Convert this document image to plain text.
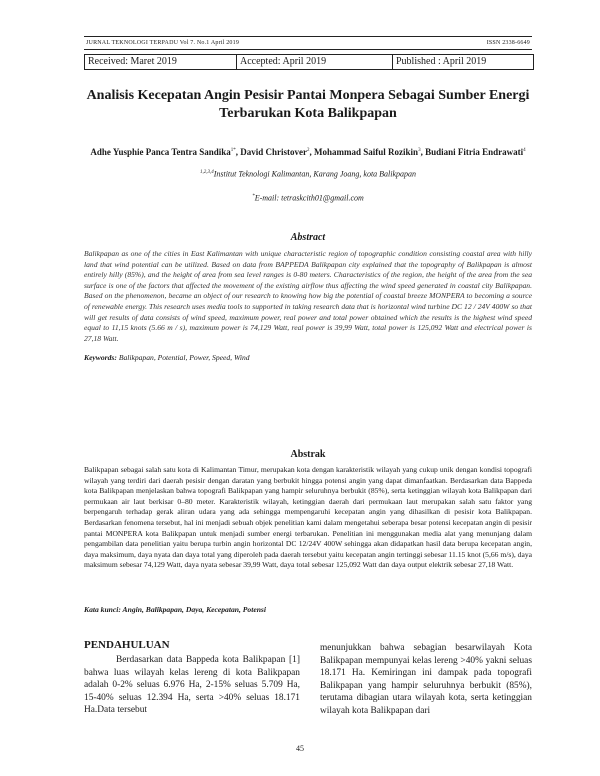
JURNAL TEKNOLOGI TERPADU Vol 7. No.1 April 2019	ISSN 2338-6649
Received: Maret 2019	Accepted: April 2019	Published : April 2019
Analisis Kecepatan Angin Pesisir Pantai Monpera Sebagai Sumber Energi Terbarukan Kota Balikpapan
Adhe Yusphie Panca Tentra Sandika$^{1*}$, David Christover$^2$, Mohammad Saiful Rozikin$^3$, Budiani Fitria Endrawati$^4$
$^{1,2,3,4}$Institut Teknologi Kalimantan, Karang Joang, kota Balikpapan
*E-mail: tetraskcith01@gmail.com
Abstract
Balikpapan as one of the cities in East Kalimantan with unique characteristic region of topographic condition consisting coastal area with hilly land that wind potential can be utilized. Based on data from BAPPEDA Balikpapan city explained that the topography of Balikpapan is almost entirely hilly (85%), and the height of area from sea level ranges is 0-80 meters. Characteristics of the region, the height of the area from the sea surface is one of the factors that affected the movement of the existing airflow thus affecting the wind speed generated in coastal city Balikpapan. Based on the phenomenon, became an object of our research to knowing how big the potential of coastal breeze MONPERA to becoming a source of renewable energy. This research uses media tools to supported in taking research data that is horizontal wind turbine DC 12 / 24V 400W so that will get results of data consists of wind speed, maximum power, real power and total power obtained which the results is the highest wind speed equal to 11,15 knots (5.66 m / s), maximum power is 74,129 Watt, real power is 39,99 Watt, total power is 125,092 Watt and electrical power is 27,18 Watt.
Keywords: Balikpapan, Potential, Power, Speed, Wind
Abstrak
Balikpapan sebagai salah satu kota di Kalimantan Timur, merupakan kota dengan karakteristik wilayah yang cukup unik dengan kondisi topografi wilayah yang terdiri dari daerah pesisir dengan daratan yang berbukit hingga potensi angin yang dapat dimanfaatkan. Berdasarkan data Bappeda kota Balikpapan menjelaskan bahwa topografi Balikpapan yang hampir seluruhnya berbukit (85%), serta ketinggian wilayah kota Balikpapan dari permukaan air laut berkisar 0–80 meter. Karakteristik wilayah, ketinggian daerah dari permukaan laut merupakan salah satu faktor yang berpengaruh terhadap gerak aliran udara yang ada sehingga mempengaruhi kecepatan angin yang dihasilkan di pesisir kota Balikpapan. Berdasarkan fenomena tersebut, hal ini menjadi sebuah objek penelitian kami dalam mengetahui seberapa besar potensi kecepatan angin di pesisir pantai MONPERA kota Balikpapan untuk menjadi sumber energi terbarukan. Penelitian ini menggunakan media alat yang menunjang dalam pengambilan data penelitian yaitu berupa turbin angin horizontal DC 12/24V 400W sehingga akan didapatkan hasil data berupa kecepatan angin, daya maksimum, daya nyata dan daya total yang diperoleh pada daerah tersebut yaitu kecepatan angin tertinggi sebesar 11.15 knot (5,66 m/s), daya maksimum sebesar 74,129 Watt, daya nyata sebesar 39,99 Watt, daya total sebesar 125,092 Watt dan daya output elektrik sebesar 27,18 Watt.
Kata kunci: Angin, Balikpapan, Daya, Kecepatan, Potensi
PENDAHULUAN

Berdasarkan data Bappeda kota Balikpapan [1] bahwa luas wilayah kelas lereng di kota Balikpapan adalah 0-2% seluas 6.976 Ha, 2-15% seluas 5.709 Ha, 15-40% seluas 12.394 Ha, serta >40% seluas 18.171 Ha.Data tersebut

menunjukkan bahwa sebagian besarwilayah Kota Balikpapan mempunyai kelas lereng >40% yakni seluas 18.171 Ha. Kemiringan ini dampak pada topografi Balikpapan yang hampir seluruhnya berbukit (85%), terutama dibagian utara wilayah kota, serta ketinggian wilayah kota Balikpapan dari

45
